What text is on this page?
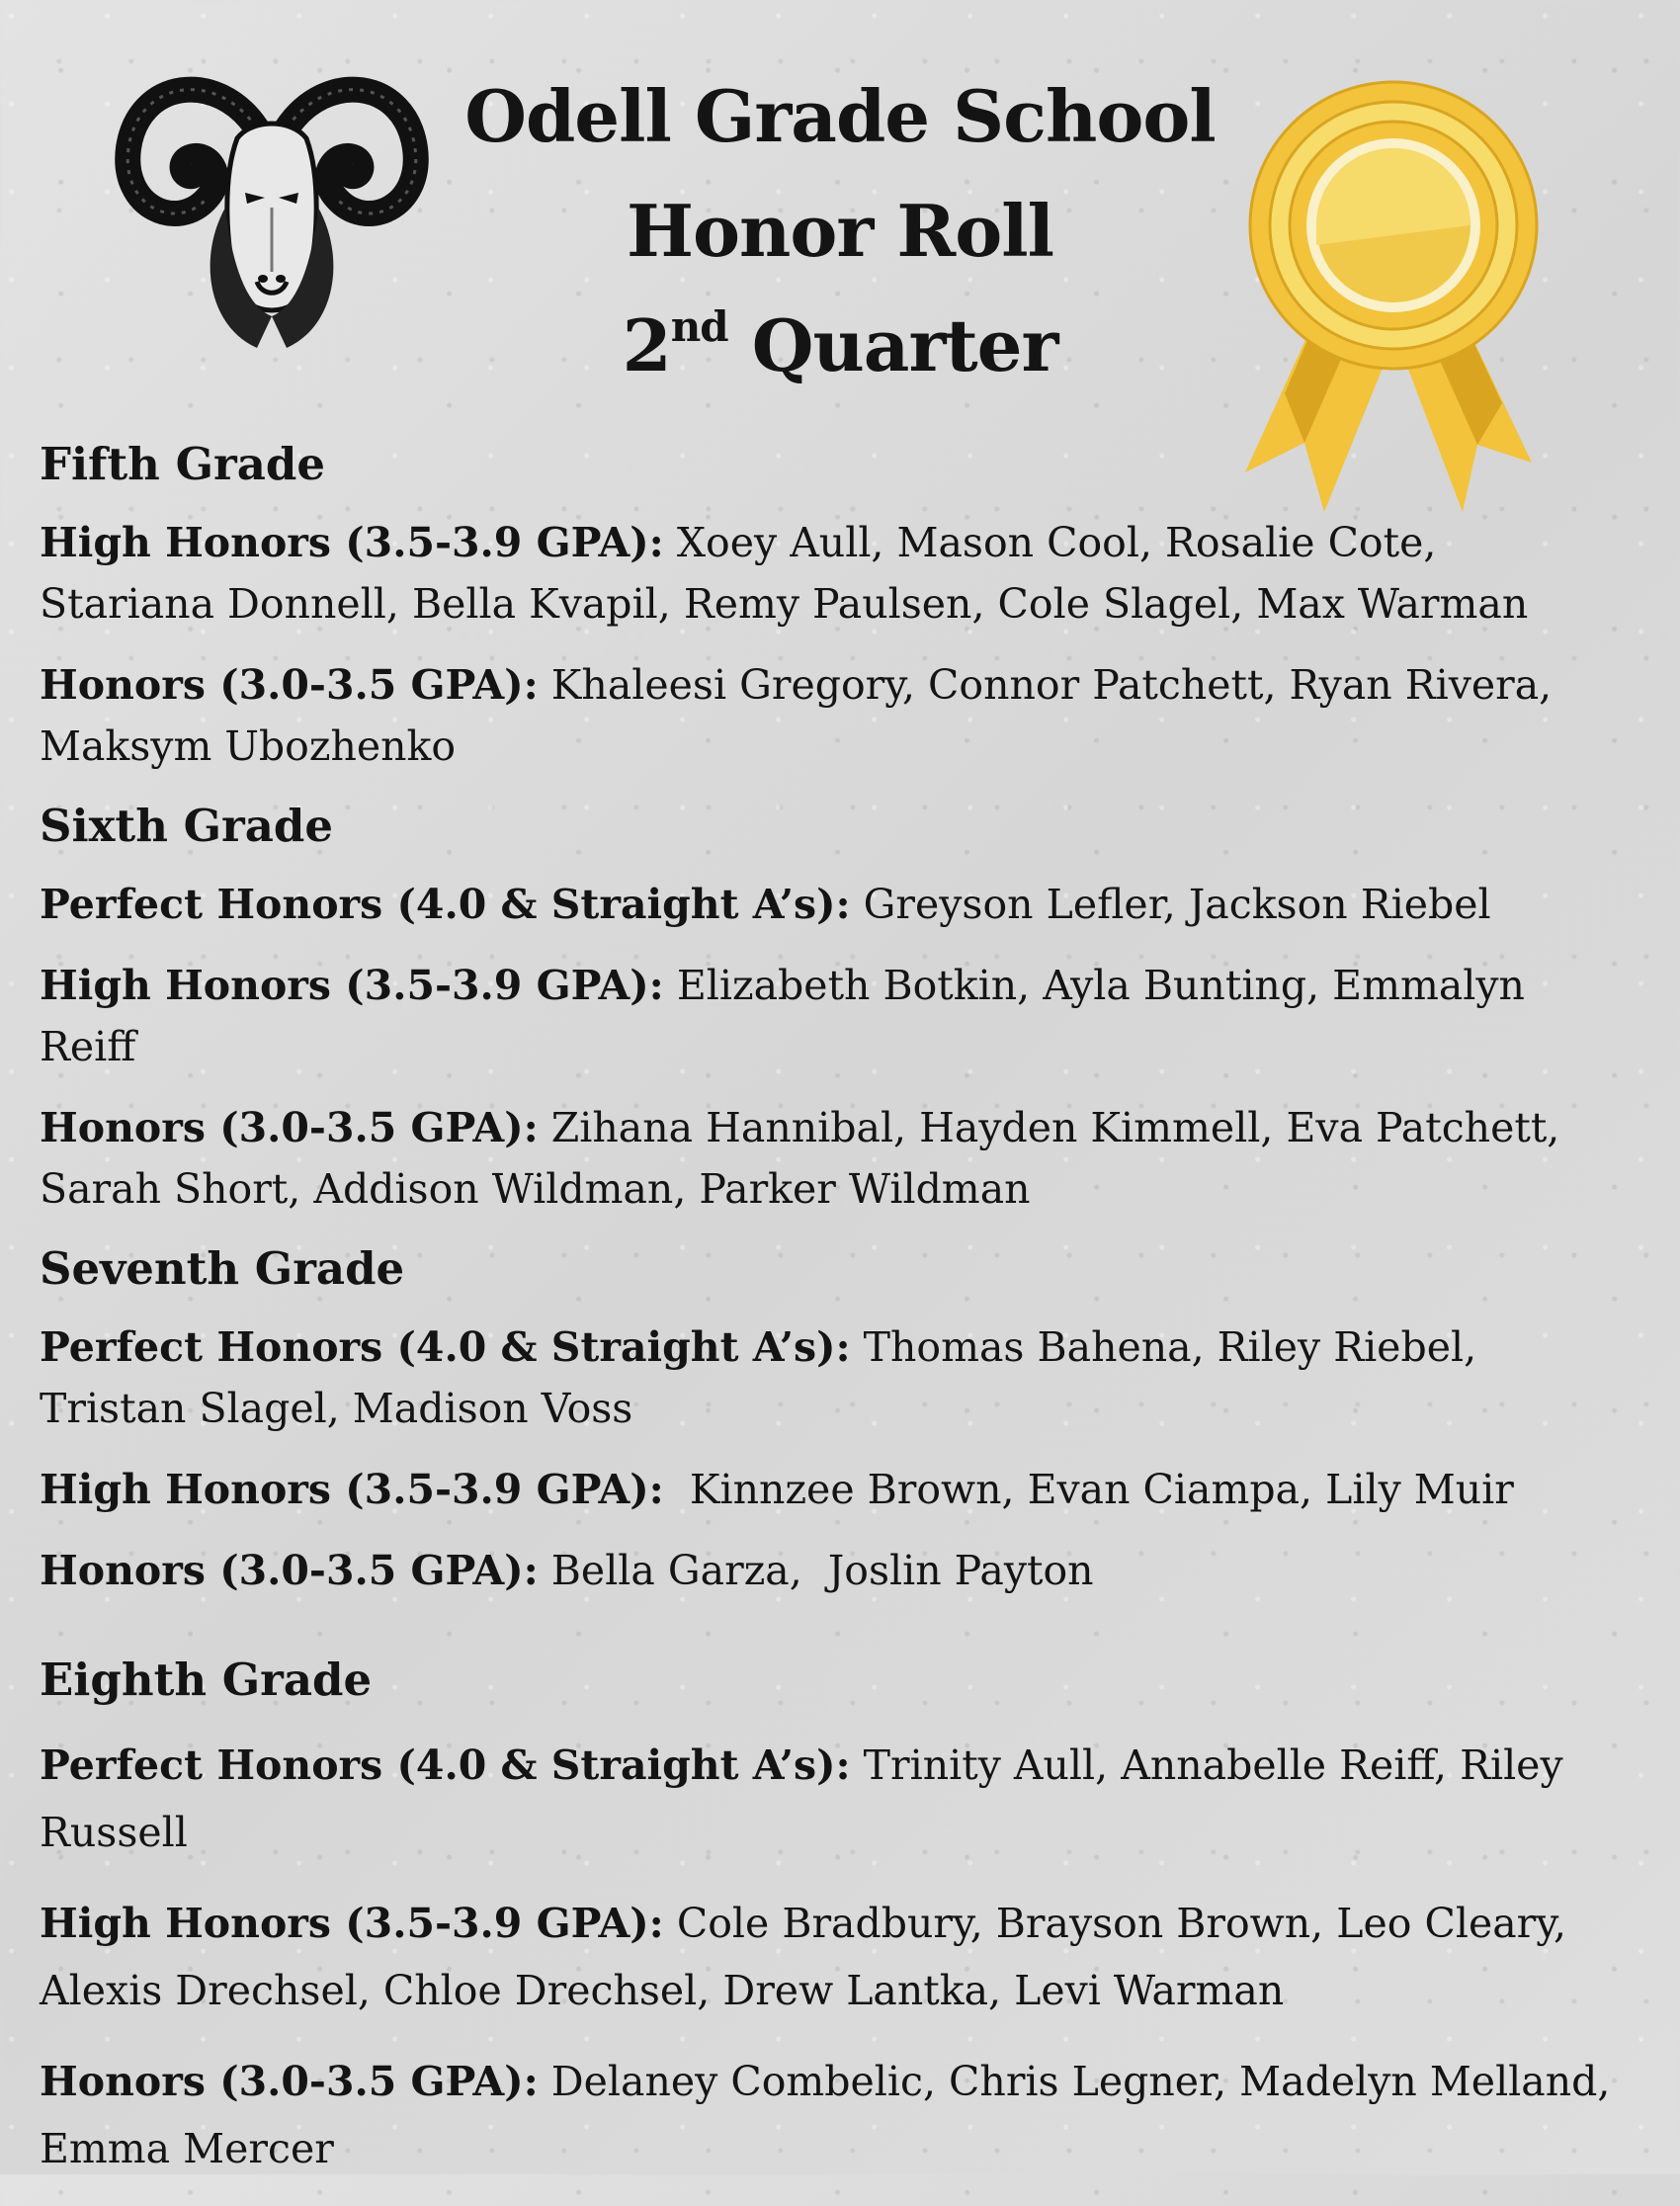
Odell Grade School
Honor Roll
2nd Quarter

Fifth Grade

High Honors (3.5-3.9 GPA): Xoey Aull, Mason Cool, Rosalie Cote, Stariana Donnell, Bella Kvapil, Remy Paulsen, Cole Slagel, Max Warman

Honors (3.0-3.5 GPA): Khaleesi Gregory, Connor Patchett, Ryan Rivera, Maksym Ubozhenko

Sixth Grade

Perfect Honors (4.0 & Straight A’s): Greyson Lefler, Jackson Riebel

High Honors (3.5-3.9 GPA): Elizabeth Botkin, Ayla Bunting, Emmalyn Reiff

Honors (3.0-3.5 GPA): Zihana Hannibal, Hayden Kimmell, Eva Patchett, Sarah Short, Addison Wildman, Parker Wildman

Seventh Grade

Perfect Honors (4.0 & Straight A’s): Thomas Bahena, Riley Riebel, Tristan Slagel, Madison Voss

High Honors (3.5-3.9 GPA):  Kinnzee Brown, Evan Ciampa, Lily Muir

Honors (3.0-3.5 GPA): Bella Garza,  Joslin Payton

Eighth Grade

Perfect Honors (4.0 & Straight A’s): Trinity Aull, Annabelle Reiff, Riley Russell

High Honors (3.5-3.9 GPA): Cole Bradbury, Brayson Brown, Leo Cleary, Alexis Drechsel, Chloe Drechsel, Drew Lantka, Levi Warman

Honors (3.0-3.5 GPA): Delaney Combelic, Chris Legner, Madelyn Melland, Emma Mercer
